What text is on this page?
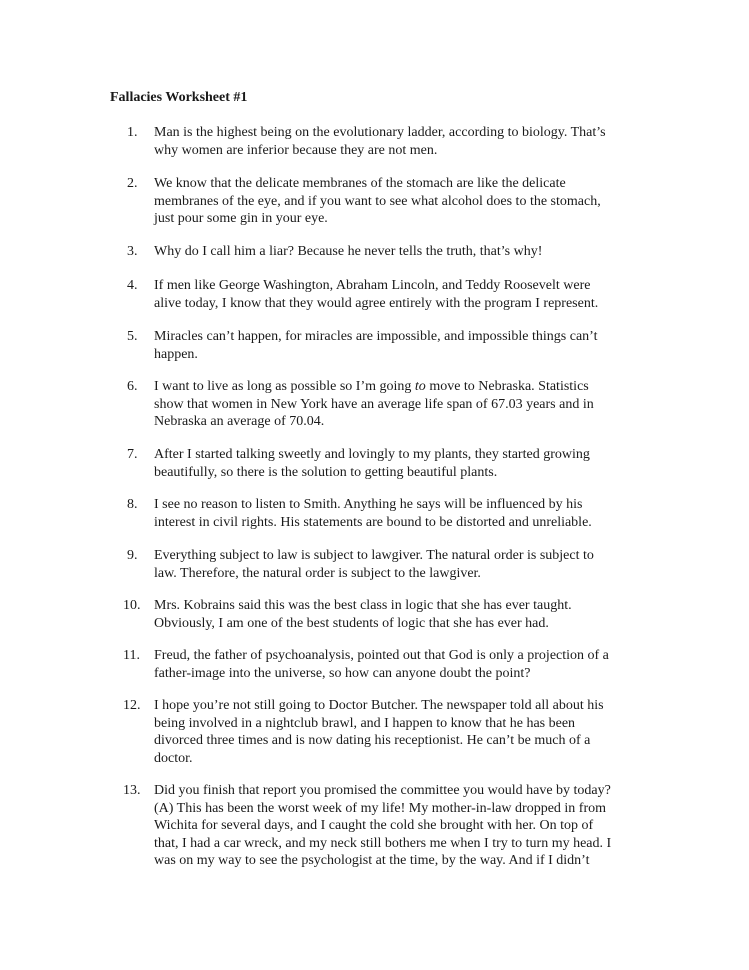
Fallacies Worksheet #1
1.	Man is the highest being on the evolutionary ladder, according to biology. That’s
why women are inferior because they are not men.
2.	We know that the delicate membranes of the stomach are like the delicate
membranes of the eye, and if you want to see what alcohol does to the stomach,
just pour some gin in your eye.
3.	Why do I call him a liar? Because he never tells the truth, that’s why!
4.	If men like George Washington, Abraham Lincoln, and Teddy Roosevelt were
alive today, I know that they would agree entirely with the program I represent.
5.	Miracles can’t happen, for miracles are impossible, and impossible things can’t
happen.
6.	I want to live as long as possible so I’m going to move to Nebraska. Statistics
show that women in New York have an average life span of 67.03 years and in
Nebraska an average of 70.04.
7.	After I started talking sweetly and lovingly to my plants, they started growing
beautifully, so there is the solution to getting beautiful plants.
8.	I see no reason to listen to Smith. Anything he says will be influenced by his
interest in civil rights. His statements are bound to be distorted and unreliable.
9.	Everything subject to law is subject to lawgiver. The natural order is subject to
law. Therefore, the natural order is subject to the lawgiver.
10. Mrs. Kobrains said this was the best class in logic that she has ever taught.
Obviously, I am one of the best students of logic that she has ever had.
11.	Freud, the father of psychoanalysis, pointed out that God is only a projection of a
father-image into the universe, so how can anyone doubt the point?
12. I hope you’re not still going to Doctor Butcher. The newspaper told all about his
being involved in a nightclub brawl, and I happen to know that he has been
divorced three times and is now dating his receptionist. He can’t be much of a
doctor.
13. Did you finish that report you promised the committee you would have by today?
(A) This has been the worst week of my life! My mother-in-law dropped in from
Wichita for several days, and I caught the cold she brought with her. On top of
that, I had a car wreck, and my neck still bothers me when I try to turn my head. I
was on my way to see the psychologist at the time, by the way. And if I didn’t
